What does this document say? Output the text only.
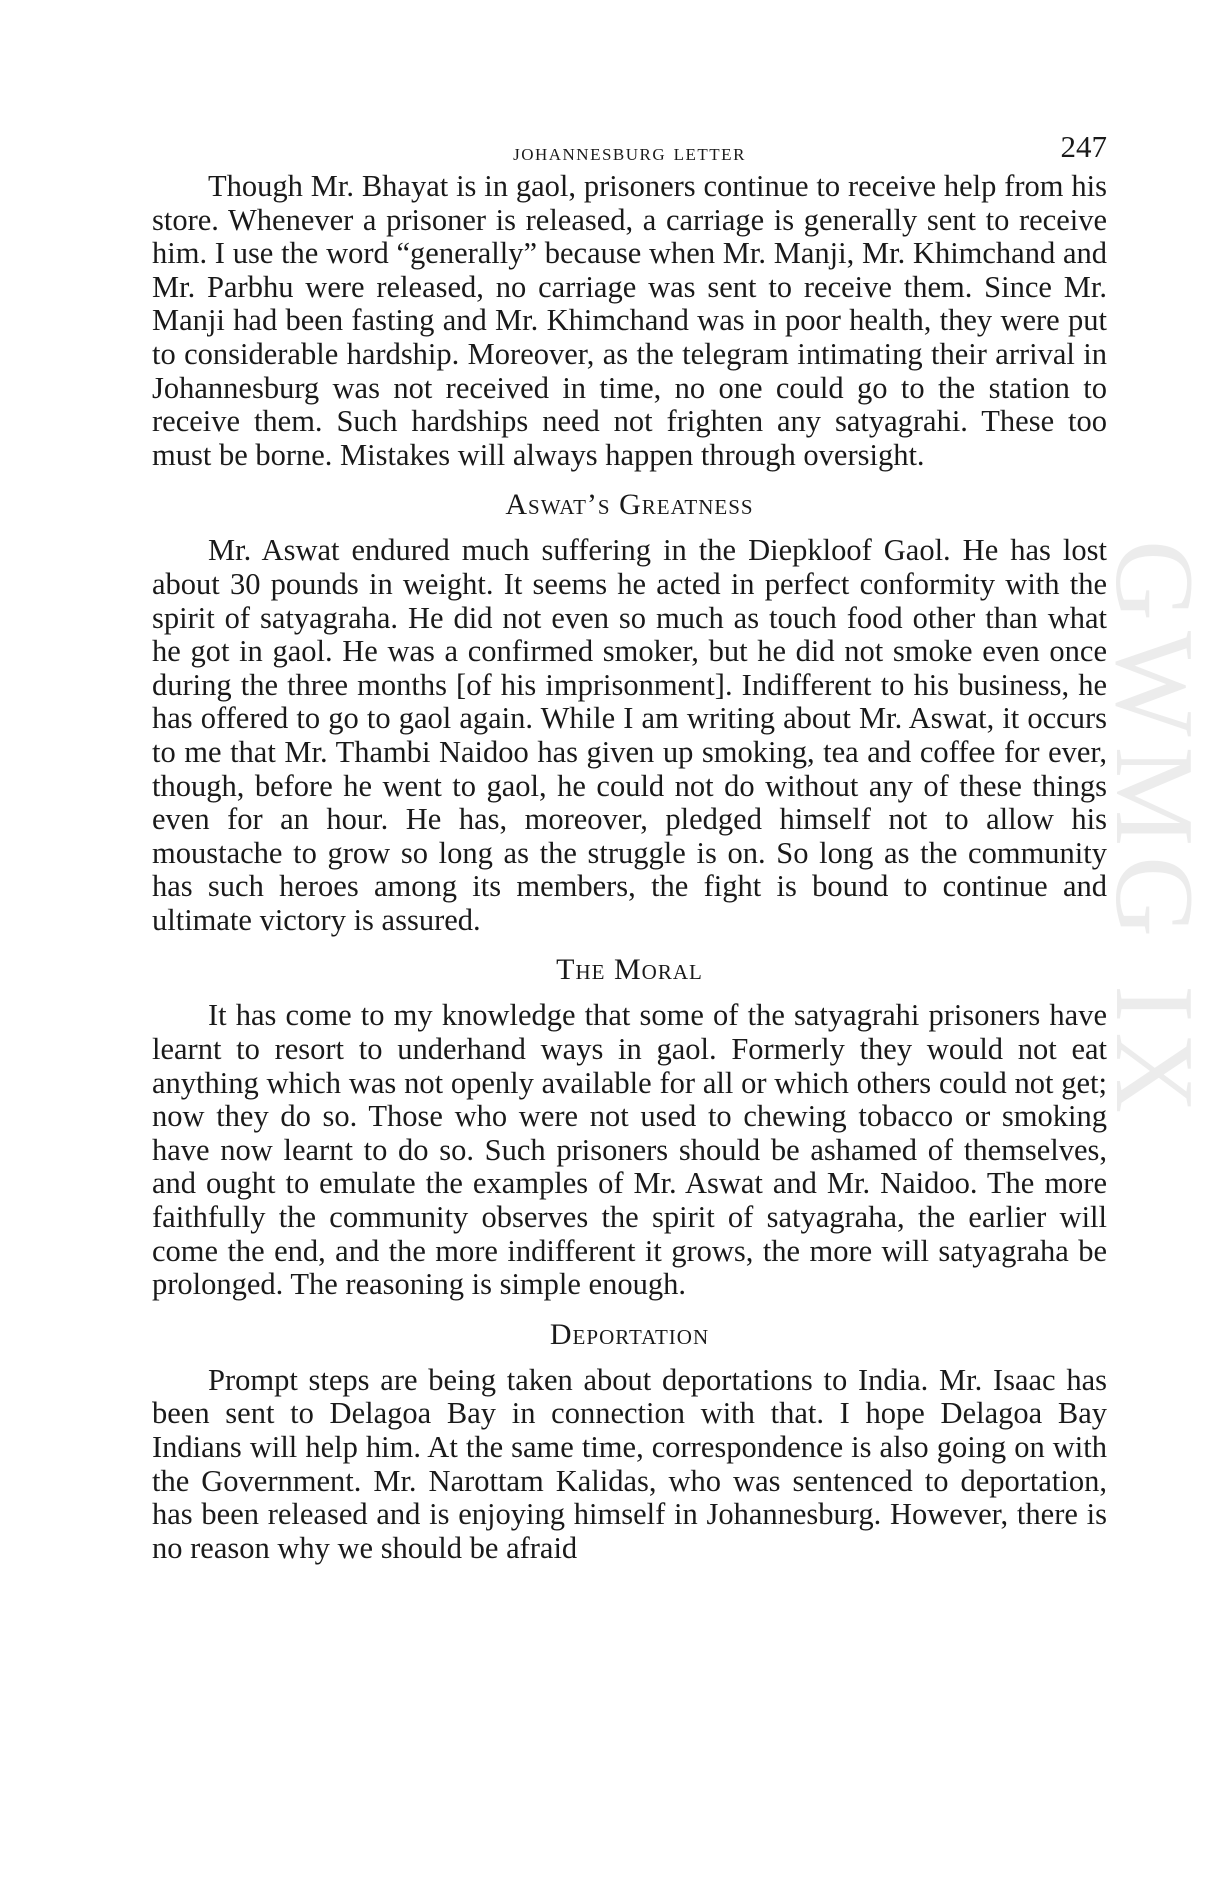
johannesburg letter	247

Though Mr. Bhayat is in gaol, prisoners continue to receive help from his store. Whenever a prisoner is released, a carriage is generally sent to receive him. I use the word “generally” because when Mr. Manji, Mr. Khimchand and Mr. Parbhu were released, no carriage was sent to receive them. Since Mr. Manji had been fasting and Mr. Khimchand was in poor health, they were put to considerable hardship. Moreover, as the telegram intimating their arrival in Johannesburg was not received in time, no one could go to the station to receive them. Such hardships need not frighten any satyagrahi. These too must be borne. Mistakes will always happen through oversight.

Aswat’s Greatness

Mr. Aswat endured much suffering in the Diepkloof Gaol. He has lost about 30 pounds in weight. It seems he acted in perfect conformity with the spirit of satyagraha. He did not even so much as touch food other than what he got in gaol. He was a confirmed smoker, but he did not smoke even once during the three months [of his imprisonment]. Indifferent to his business, he has offered to go to gaol again. While I am writing about Mr. Aswat, it occurs to me that Mr. Thambi Naidoo has given up smoking, tea and coffee for ever, though, before he went to gaol, he could not do without any of these things even for an hour. He has, moreover, pledged himself not to allow his moustache to grow so long as the struggle is on. So long as the community has such heroes among its members, the fight is bound to continue and ultimate victory is assured.

The Moral

It has come to my knowledge that some of the satyagrahi prisoners have learnt to resort to underhand ways in gaol. Formerly they would not eat anything which was not openly available for all or which others could not get; now they do so. Those who were not used to chewing tobacco or smoking have now learnt to do so. Such prisoners should be ashamed of themselves, and ought to emulate the examples of Mr. Aswat and Mr. Naidoo. The more faithfully the community observes the spirit of satyagraha, the earlier will come the end, and the more indifferent it grows, the more will satyagraha be prolonged. The reasoning is simple enough.

Deportation

Prompt steps are being taken about deportations to India. Mr. Isaac has been sent to Delagoa Bay in connection with that. I hope Delagoa Bay Indians will help him. At the same time, correspondence is also going on with the Government. Mr. Narottam Kalidas, who was sentenced to deportation, has been released and is enjoying himself in Johannesburg. However, there is no reason why we should be afraid

GWMG IX
